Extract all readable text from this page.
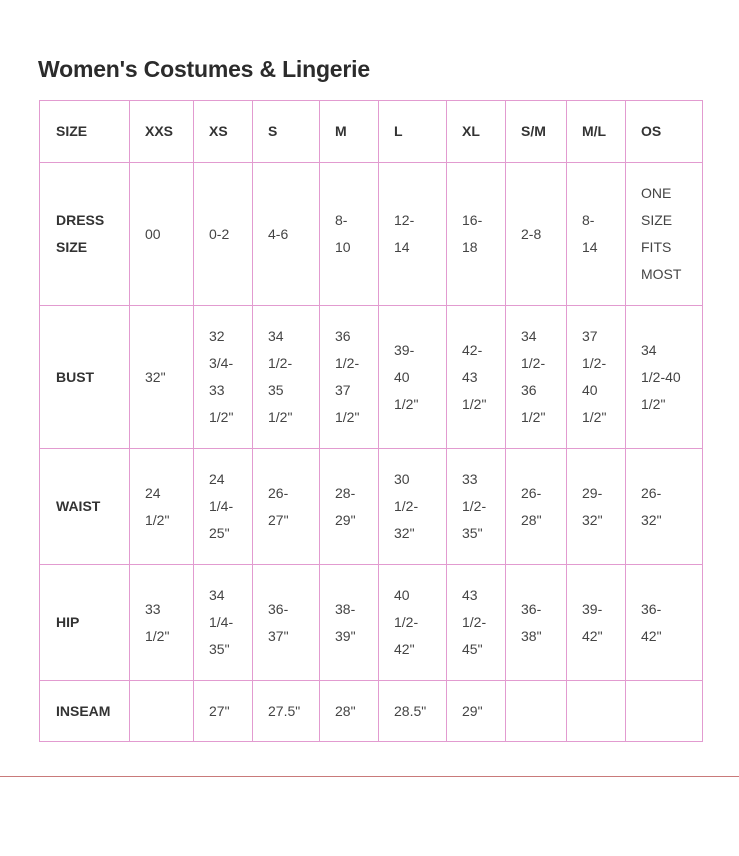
Women's Costumes & Lingerie
SIZE	XXS	XS	S	M	L	XL	S/M	M/L	OS

DRESS
SIZE	00	0-2	4-6	8-
10	12-
14	16-
18	2-8	8-
14	ONE
SIZE
FITS
MOST

BUST	32"	32
3/4-
33
1/2"	34
1/2-
35
1/2"	36
1/2-
37
1/2"	39-
40
1/2"	42-
43
1/2"	34
1/2-
36
1/2"	37
1/2-
40
1/2"	34
1/2-40
1/2"

WAIST	24
1/2"	24
1/4-
25"	26-
27"	28-
29"	30
1/2-
32"	33
1/2-
35"	26-
28"	29-
32"	26-
32"

HIP	33
1/2"	34
1/4-
35"	36-
37"	38-
39"	40
1/2-
42"	43
1/2-
45"	36-
38"	39-
42"	36-
42"

INSEAM		27"	27.5"	28"	28.5"	29"			
